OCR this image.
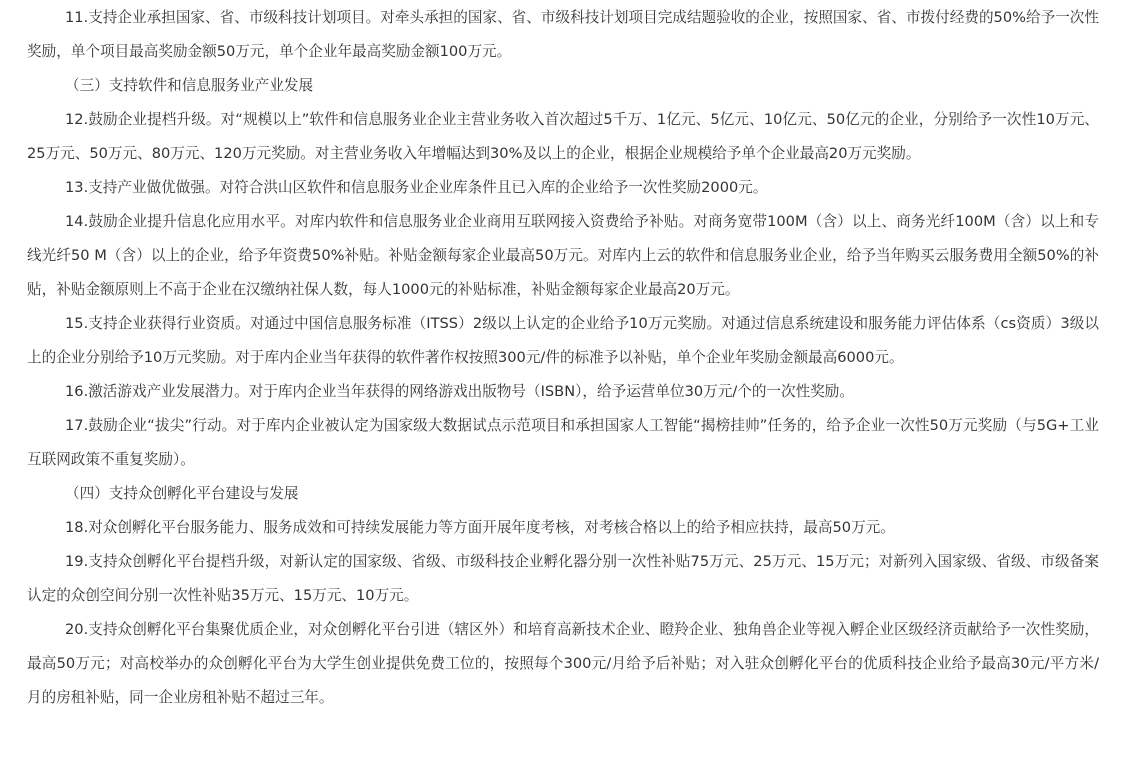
11.支持企业承担国家、省、市级科技计划项目。对牵头承担的国家、省、市级科技计划项目完成结题验收的企业，按照国家、省、市拨付经费的50%给予一次性奖励，单个项目最高奖励金额50万元，单个企业年最高奖励金额100万元。

（三）支持软件和信息服务业产业发展

12.鼓励企业提档升级。对“规模以上”软件和信息服务业企业主营业务收入首次超过5千万、1亿元、5亿元、10亿元、50亿元的企业，分别给予一次性10万元、25万元、50万元、80万元、120万元奖励。对主营业务收入年增幅达到30%及以上的企业，根据企业规模给予单个企业最高20万元奖励。

13.支持产业做优做强。对符合洪山区软件和信息服务业企业库条件且已入库的企业给予一次性奖励2000元。

14.鼓励企业提升信息化应用水平。对库内软件和信息服务业企业商用互联网接入资费给予补贴。对商务宽带100M（含）以上、商务光纤100M（含）以上和专线光纤50 M（含）以上的企业，给予年资费50%补贴。补贴金额每家企业最高50万元。对库内上云的软件和信息服务业企业，给予当年购买云服务费用全额50%的补贴，补贴金额原则上不高于企业在汉缴纳社保人数，每人1000元的补贴标准，补贴金额每家企业最高20万元。

15.支持企业获得行业资质。对通过中国信息服务标准（ITSS）2级以上认定的企业给予10万元奖励。对通过信息系统建设和服务能力评估体系（cs资质）3级以上的企业分别给予10万元奖励。对于库内企业当年获得的软件著作权按照300元/件的标准予以补贴，单个企业年奖励金额最高6000元。

16.激活游戏产业发展潜力。对于库内企业当年获得的网络游戏出版物号（ISBN），给予运营单位30万元/个的一次性奖励。

17.鼓励企业“拔尖”行动。对于库内企业被认定为国家级大数据试点示范项目和承担国家人工智能“揭榜挂帅”任务的，给予企业一次性50万元奖励（与5G+工业互联网政策不重复奖励）。

（四）支持众创孵化平台建设与发展

18.对众创孵化平台服务能力、服务成效和可持续发展能力等方面开展年度考核，对考核合格以上的给予相应扶持，最高50万元。

19.支持众创孵化平台提档升级，对新认定的国家级、省级、市级科技企业孵化器分别一次性补贴75万元、25万元、15万元；对新列入国家级、省级、市级备案认定的众创空间分别一次性补贴35万元、15万元、10万元。

20.支持众创孵化平台集聚优质企业，对众创孵化平台引进（辖区外）和培育高新技术企业、瞪羚企业、独角兽企业等视入孵企业区级经济贡献给予一次性奖励，最高50万元；对高校举办的众创孵化平台为大学生创业提供免费工位的，按照每个300元/月给予后补贴；对入驻众创孵化平台的优质科技企业给予最高30元/平方米/月的房租补贴，同一企业房租补贴不超过三年。
